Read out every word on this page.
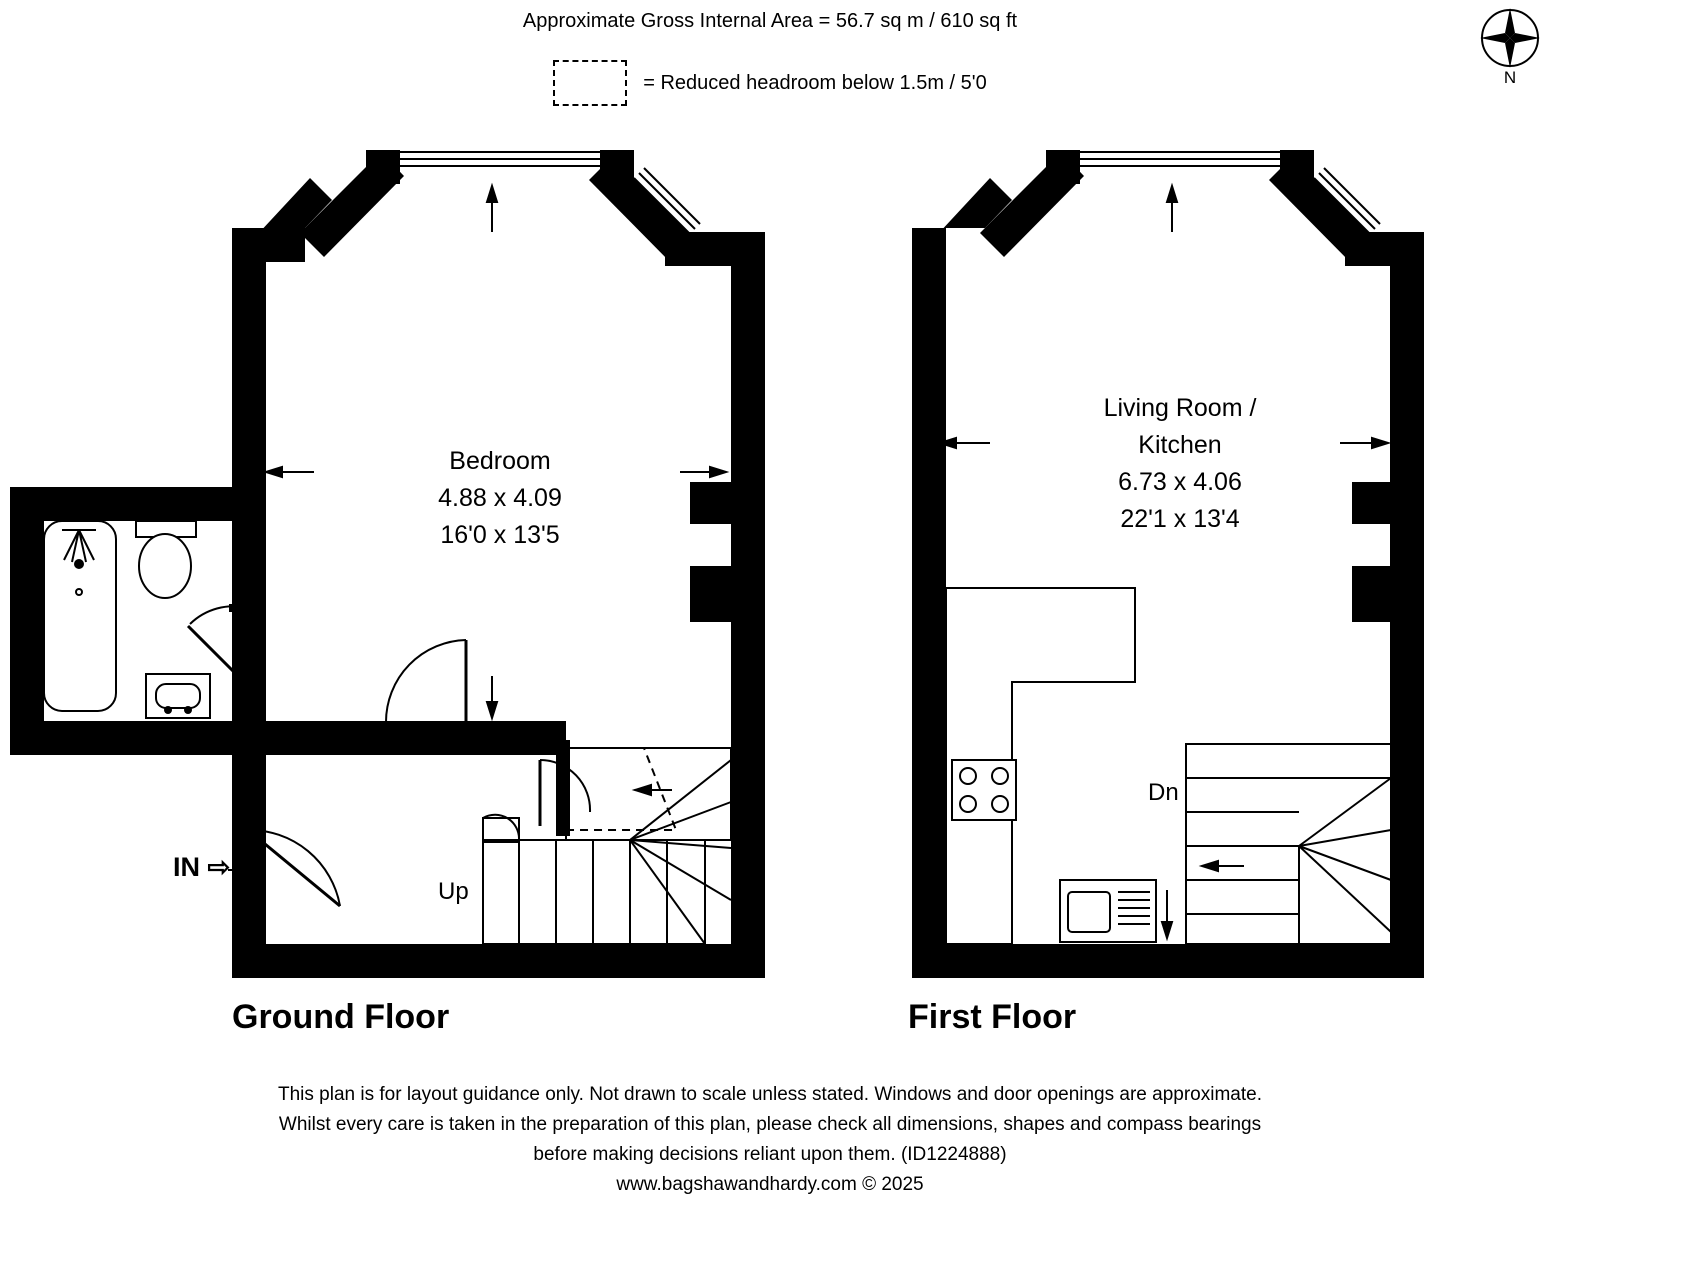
Approximate Gross Internal Area = 56.7 sq m / 610 sq ft
= Reduced headroom below 1.5m / 5'0	N
Bedroom
4.88 x 4.09
16'0 x 13'5
Living Room /
Kitchen
6.73 x 4.06
22'1 x 13'4
Up
Dn
IN ⇨
Ground Floor	First Floor
This plan is for layout guidance only. Not drawn to scale unless stated. Windows and door openings are approximate.
Whilst every care is taken in the preparation of this plan, please check all dimensions, shapes and compass bearings
before making decisions reliant upon them. (ID1224888)
www.bagshawandhardy.com © 2025
